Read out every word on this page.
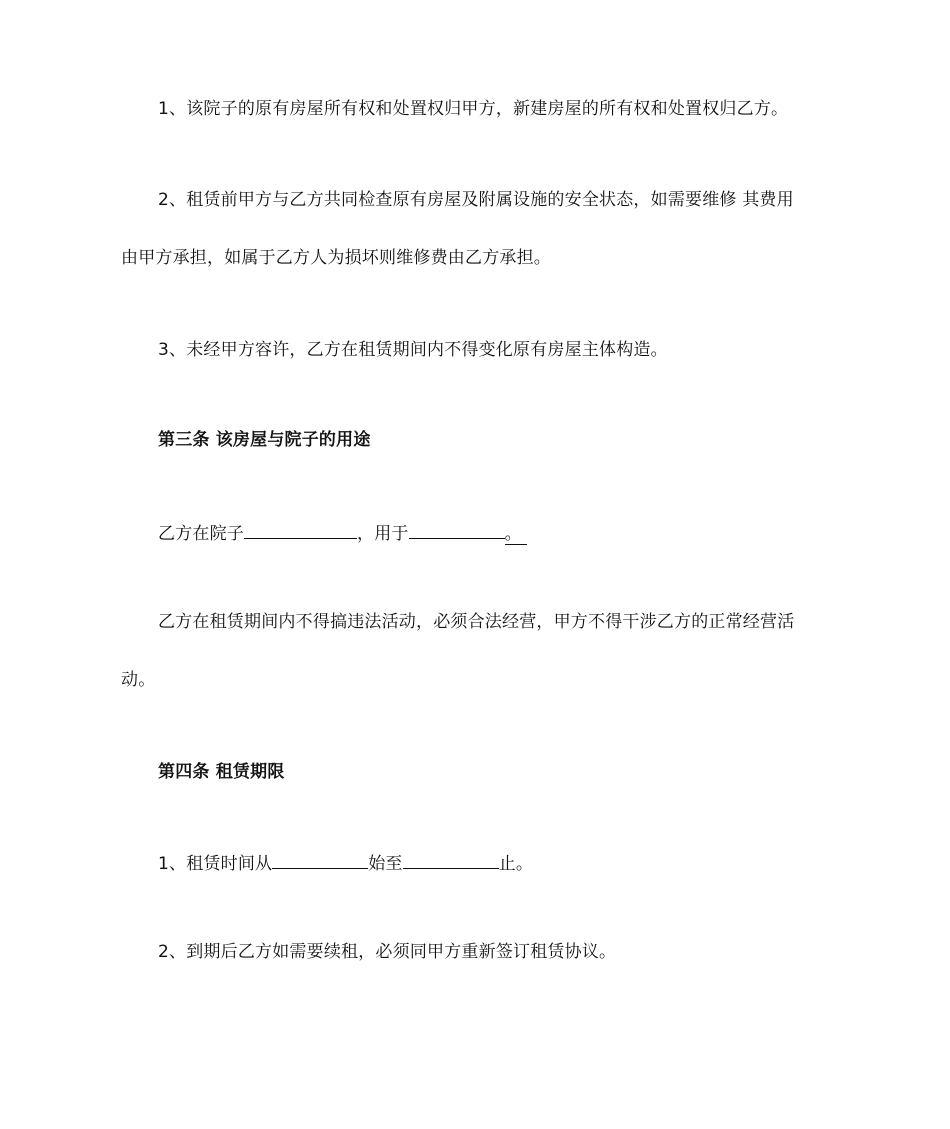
1、该院子的原有房屋所有权和处置权归甲方，新建房屋的所有权和处置权归乙方。
2、租赁前甲方与乙方共同检查原有房屋及附属设施的安全状态，如需要维修 其费用
由甲方承担，如属于乙方人为损坏则维修费由乙方承担。
3、未经甲方容许，乙方在租赁期间内不得变化原有房屋主体构造。
第三条 该房屋与院子的用途
乙方在院子	，用于	。
乙方在租赁期间内不得搞违法活动，必须合法经营，甲方不得干涉乙方的正常经营活
动。
第四条 租赁期限
1、租赁时间从	始至	止。
2、到期后乙方如需要续租，必须同甲方重新签订租赁协议。
